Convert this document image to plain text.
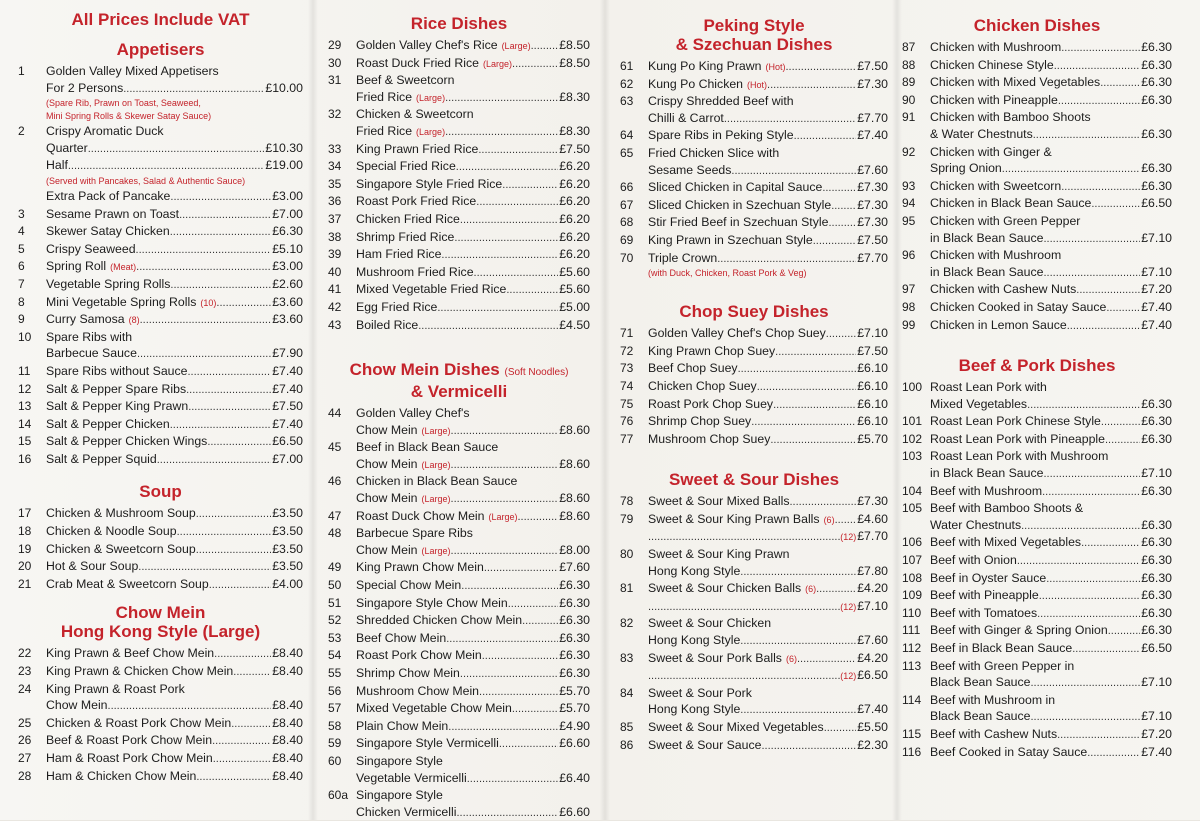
All Prices Include VAT
Appetisers
1	Golden Valley Mixed Appetisers
For 2 Persons .....	£10.00
(Spare Rib, Prawn on Toast, Seaweed,
Mini Spring Rolls & Skewer Satay Sauce)
2	Crispy Aromatic Duck
Quarter .....	£10.30
Half .....	£19.00
(Served with Pancakes, Salad & Authentic Sauce)
Extra Pack of Pancake .....	£3.00
3	Sesame Prawn on Toast .....	£7.00
4	Skewer Satay Chicken .....	£6.30
5	Crispy Seaweed .....	£5.10
6	Spring Roll (Meat) .....	£3.00
7	Vegetable Spring Rolls .....	£2.60
8	Mini Vegetable Spring Rolls (10) .....	£3.60
9	Curry Samosa (8) .....	£3.60
10	Spare Ribs with
Barbecue Sauce .....	£7.90
11	Spare Ribs without Sauce .....	£7.40
12	Salt & Pepper Spare Ribs .....	£7.40
13	Salt & Pepper King Prawn .....	£7.50
14	Salt & Pepper Chicken .....	£7.40
15	Salt & Pepper Chicken Wings .....	£6.50
16	Salt & Pepper Squid .....	£7.00
Soup
17	Chicken & Mushroom Soup .....	£3.50
18	Chicken & Noodle Soup .....	£3.50
19	Chicken & Sweetcorn Soup .....	£3.50
20	Hot & Sour Soup .....	£3.50
21	Crab Meat & Sweetcorn Soup .....	£4.00
Chow Mein
Hong Kong Style (Large)
22	King Prawn & Beef Chow Mein .....	£8.40
23	King Prawn & Chicken Chow Mein .....	£8.40
24	King Prawn & Roast Pork
Chow Mein .....	£8.40
25	Chicken & Roast Pork Chow Mein .....	£8.40
26	Beef & Roast Pork Chow Mein .....	£8.40
27	Ham & Roast Pork Chow Mein .....	£8.40
28	Ham & Chicken Chow Mein .....	£8.40
Rice Dishes
29	Golden Valley Chef's Rice (Large) ..... £8.50
30	Roast Duck Fried Rice (Large) .....	£8.50
31	Beef & Sweetcorn
Fried Rice (Large) .....	£8.30
32	Chicken & Sweetcorn
Fried Rice (Large) .....	£8.30
33	King Prawn Fried Rice .....	£7.50
34	Special Fried Rice .....	£6.20
35	Singapore Style Fried Rice .....	£6.20
36	Roast Pork Fried Rice .....	£6.20
37	Chicken Fried Rice .....	£6.20
38	Shrimp Fried Rice .....	£6.20
39	Ham Fried Rice .....	£6.20
40	Mushroom Fried Rice .....	£5.60
41	Mixed Vegetable Fried Rice .....	£5.60
42	Egg Fried Rice .....	£5.00
43	Boiled Rice .....	£4.50
Chow Mein Dishes (Soft Noodles)
& Vermicelli
44	Golden Valley Chef's
Chow Mein (Large) .....	£8.60
45	Beef in Black Bean Sauce
Chow Mein (Large) .....	£8.60
46	Chicken in Black Bean Sauce
Chow Mein (Large) .....	£8.60
47	Roast Duck Chow Mein (Large) .....	£8.60
48	Barbecue Spare Ribs
Chow Mein (Large) .....	£8.00
49	King Prawn Chow Mein .....	£7.60
50	Special Chow Mein .....	£6.30
51	Singapore Style Chow Mein .....	£6.30
52	Shredded Chicken Chow Mein .....	£6.30
53	Beef Chow Mein .....	£6.30
54	Roast Pork Chow Mein .....	£6.30
55	Shrimp Chow Mein .....	£6.30
56	Mushroom Chow Mein .....	£5.70
57	Mixed Vegetable Chow Mein .....	£5.70
58	Plain Chow Mein .....	£4.90
59	Singapore Style Vermicelli .....	£6.60
60	Singapore Style
Vegetable Vermicelli .....	£6.40
60a Singapore Style
Chicken Vermicelli .....	£6.60
Peking Style
& Szechuan Dishes
61	Kung Po King Prawn (Hot) .....	£7.50
62	Kung Po Chicken (Hot) .....	£7.30
63	Crispy Shredded Beef with
Chilli & Carrot .....	£7.70
64	Spare Ribs in Peking Style .....	£7.40
65	Fried Chicken Slice with
Sesame Seeds .....	£7.60
66	Sliced Chicken in Capital Sauce .....	£7.30
67	Sliced Chicken in Szechuan Style ..... £7.30
68	Stir Fried Beef in Szechuan Style ..... £7.30
69	King Prawn in Szechuan Style .....	£7.50
70	Triple Crown .....	£7.70
(with Duck, Chicken, Roast Pork & Veg)
Chop Suey Dishes
71	Golden Valley Chef's Chop Suey .....	£7.10
72	King Prawn Chop Suey .....	£7.50
73	Beef Chop Suey .....	£6.10
74	Chicken Chop Suey .....	£6.10
75	Roast Pork Chop Suey .....	£6.10
76	Shrimp Chop Suey .....	£6.10
77	Mushroom Chop Suey .....	£5.70
Sweet & Sour Dishes
78	Sweet & Sour Mixed Balls .....	£7.30
79	Sweet & Sour King Prawn Balls (6) ..... £4.60
.....
(12) £7.70
80	Sweet & Sour King Prawn
Hong Kong Style .....	£7.80
81	Sweet & Sour Chicken Balls (6) .....	£4.20
.....
(12) £7.10
82	Sweet & Sour Chicken
Hong Kong Style .....	£7.60
83	Sweet & Sour Pork Balls (6) .....	£4.20
.....
(12) £6.50
84	Sweet & Sour Pork
Hong Kong Style .....	£7.40
85	Sweet & Sour Mixed Vegetables .....	£5.50
86	Sweet & Sour Sauce .....	£2.30
Chicken Dishes
87	Chicken with Mushroom .....	£6.30
88	Chicken Chinese Style .....	£6.30
89	Chicken with Mixed Vegetables .....	£6.30
90	Chicken with Pineapple .....	£6.30
91	Chicken with Bamboo Shoots
& Water Chestnuts .....	£6.30
92	Chicken with Ginger &
Spring Onion .....	£6.30
93	Chicken with Sweetcorn .....	£6.30
94	Chicken in Black Bean Sauce .....	£6.50
95	Chicken with Green Pepper
in Black Bean Sauce .....	£7.10
96	Chicken with Mushroom
in Black Bean Sauce .....	£7.10
97	Chicken with Cashew Nuts .....	£7.20
98	Chicken Cooked in Satay Sauce .....	£7.40
99	Chicken in Lemon Sauce .....	£7.40
Beef & Pork Dishes
100 Roast Lean Pork with
Mixed Vegetables .....	£6.30
101 Roast Lean Pork Chinese Style .....	£6.30
102 Roast Lean Pork with Pineapple .....	£6.30
103 Roast Lean Pork with Mushroom
in Black Bean Sauce .....	£7.10
104 Beef with Mushroom .....	£6.30
105 Beef with Bamboo Shoots &
Water Chestnuts .....	£6.30
106 Beef with Mixed Vegetables .....	£6.30
107 Beef with Onion .....	£6.30
108 Beef in Oyster Sauce .....	£6.30
109 Beef with Pineapple .....	£6.30
110 Beef with Tomatoes .....	£6.30
111 Beef with Ginger & Spring Onion .....	£6.30
112 Beef in Black Bean Sauce .....	£6.50
113 Beef with Green Pepper in
Black Bean Sauce .....	£7.10
114 Beef with Mushroom in
Black Bean Sauce .....	£7.10
115 Beef with Cashew Nuts .....	£7.20
116 Beef Cooked in Satay Sauce .....	£7.40
